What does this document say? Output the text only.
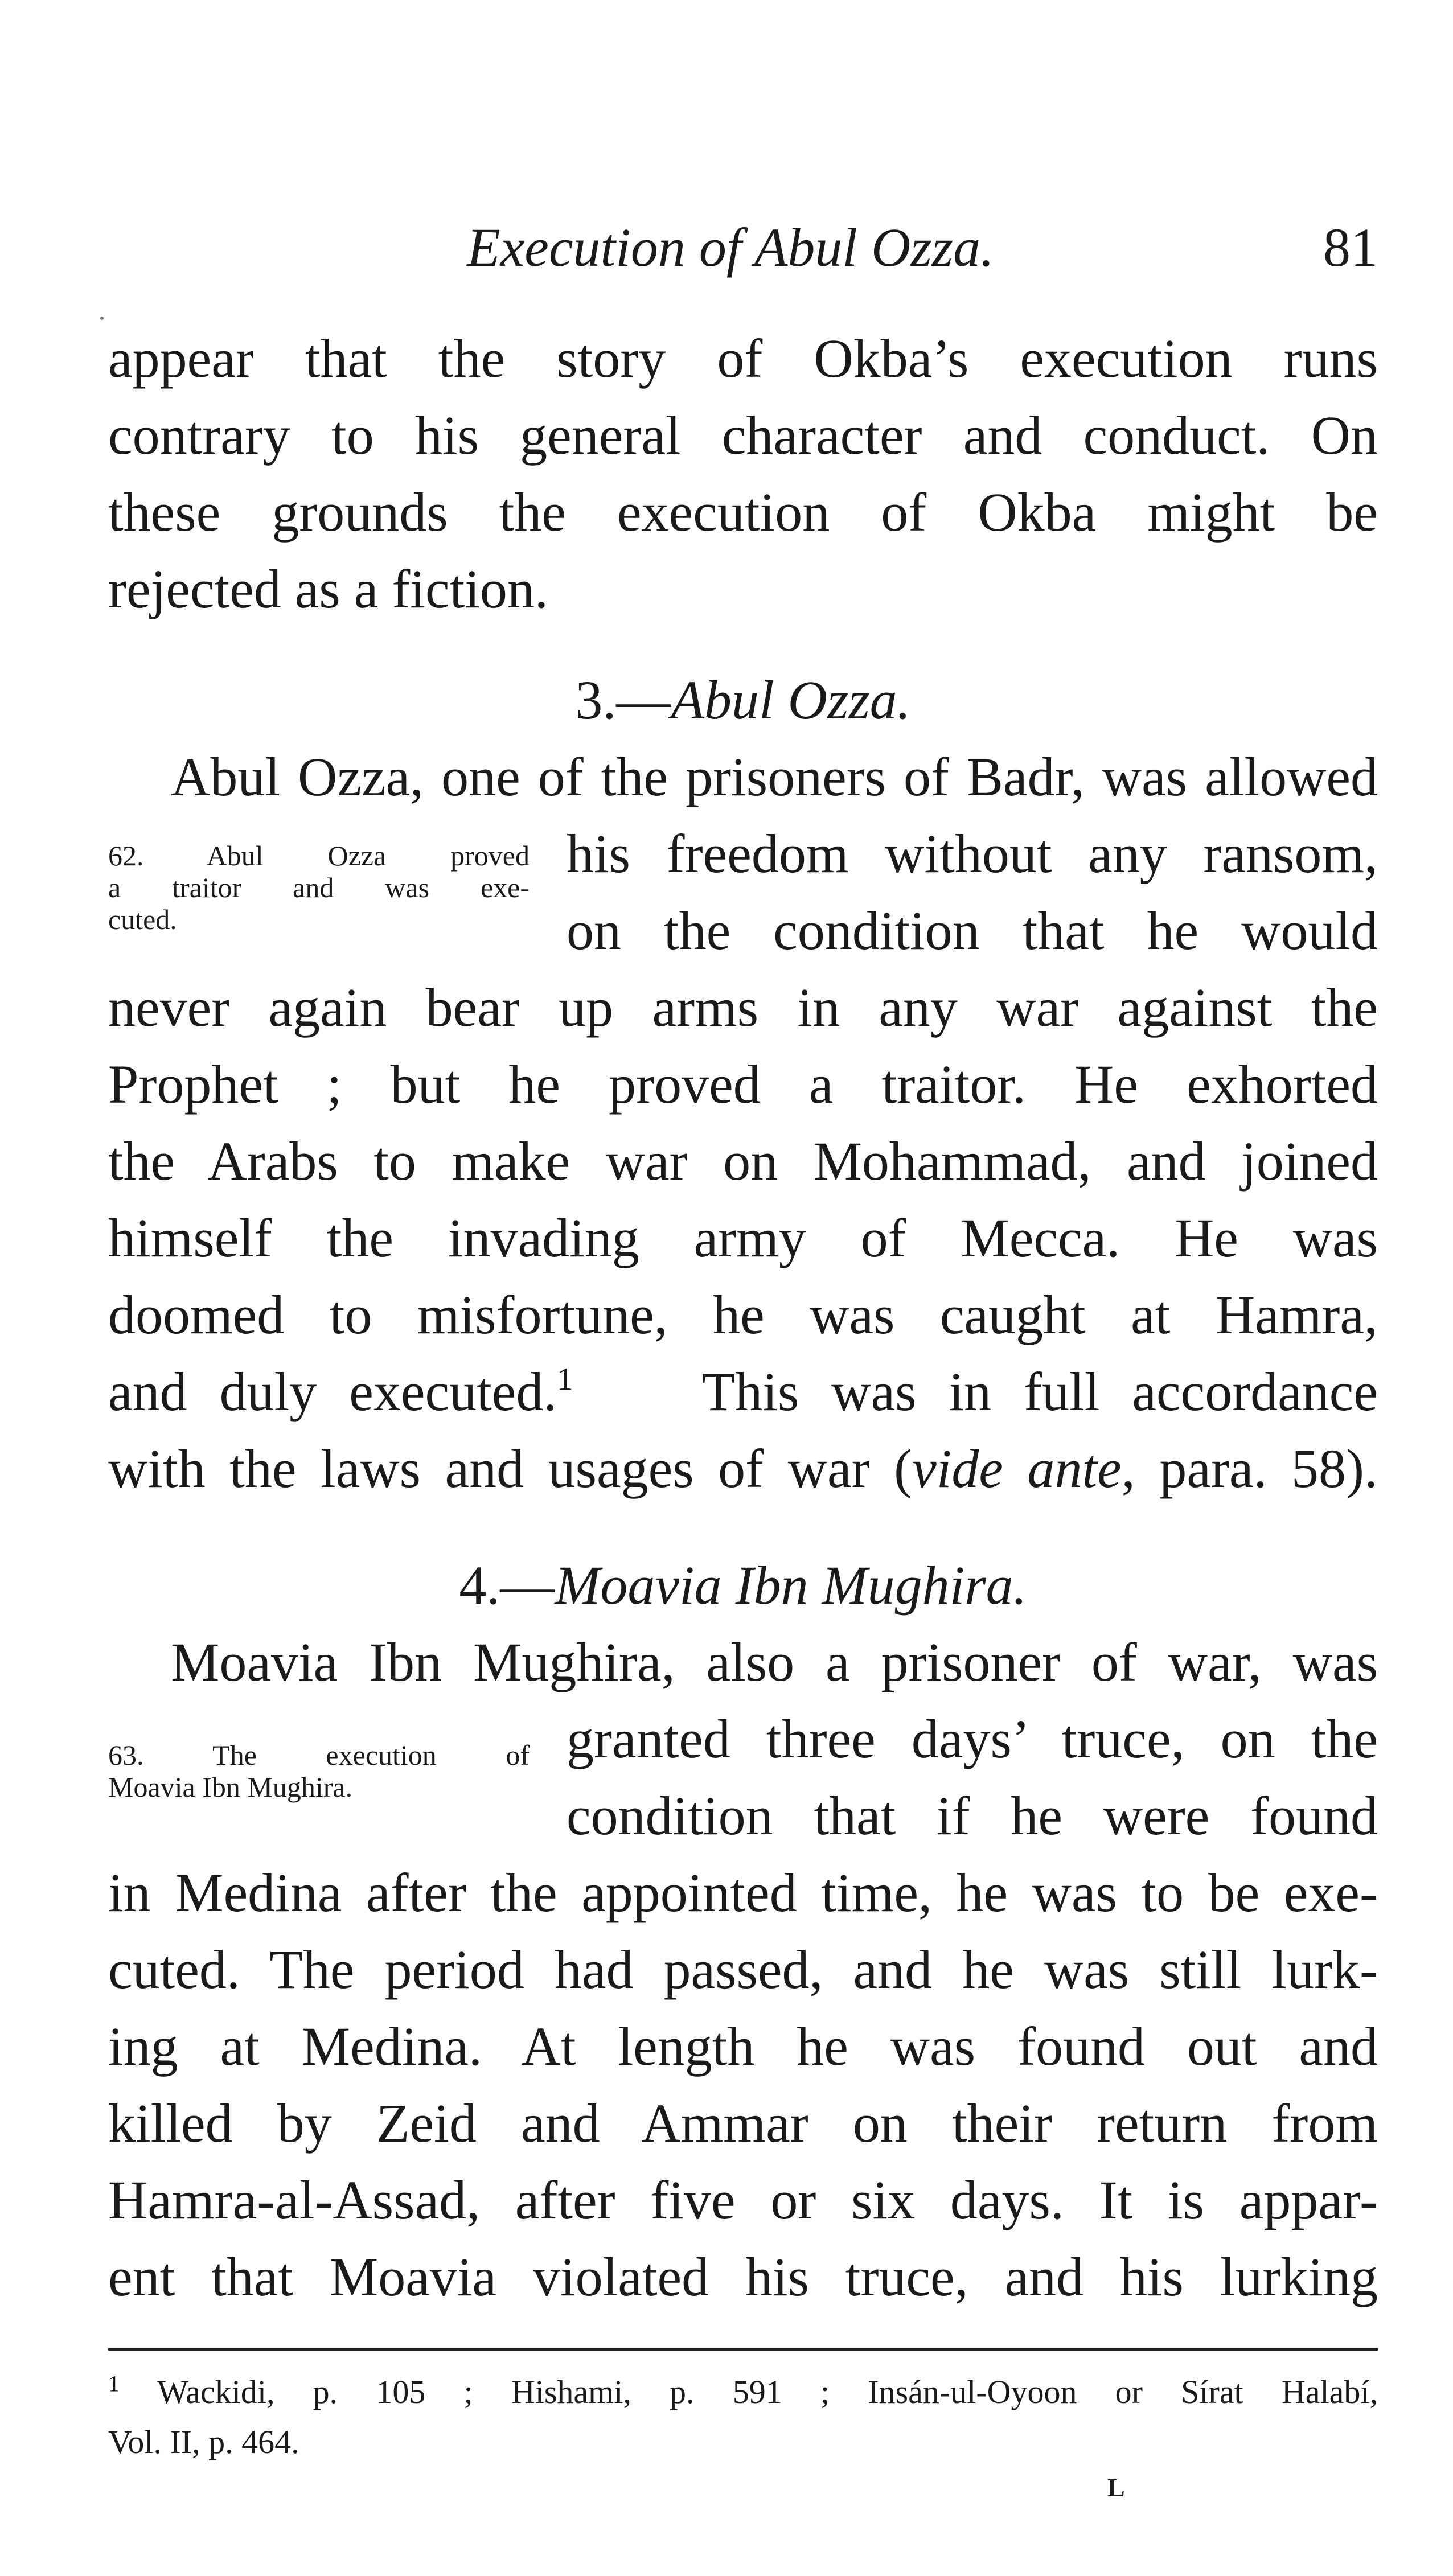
Execution of Abul Ozza.	81
appear that the story of Okba’s execution runs
contrary to his general character and conduct. On
these grounds the execution of Okba might be
rejected as a fiction.
3.—Abul Ozza.
Abul Ozza, one of the prisoners of Badr, was allowed
62. Abul Ozza proved
a traitor and was exe-
cuted.
his freedom without any ransom,
on the condition that he would
never again bear up arms in any war against the
Prophet ; but he proved a traitor. He exhorted
the Arabs to make war on Mohammad, and joined
himself the invading army of Mecca. He was
doomed to misfortune, he was caught at Hamra,
and duly executed.$^1$ This was in full accordance
with the laws and usages of war (vide ante, para. 58).
4.—Moavia Ibn Mughira.
Moavia Ibn Mughira, also a prisoner of war, was
63. The execution of
Moavia Ibn Mughira.
granted three days’ truce, on the
condition that if he were found
in Medina after the appointed time, he was to be exe-
cuted. The period had passed, and he was still lurk-
ing at Medina. At length he was found out and
killed by Zeid and Ammar on their return from
Hamra-al-Assad, after five or six days. It is appar-
ent that Moavia violated his truce, and his lurking
$^1$ Wackidi, p. 105 ; Hishami, p. 591 ; Insán-ul-Oyoon or Sírat Halabí,
Vol. II, p. 464.
L
